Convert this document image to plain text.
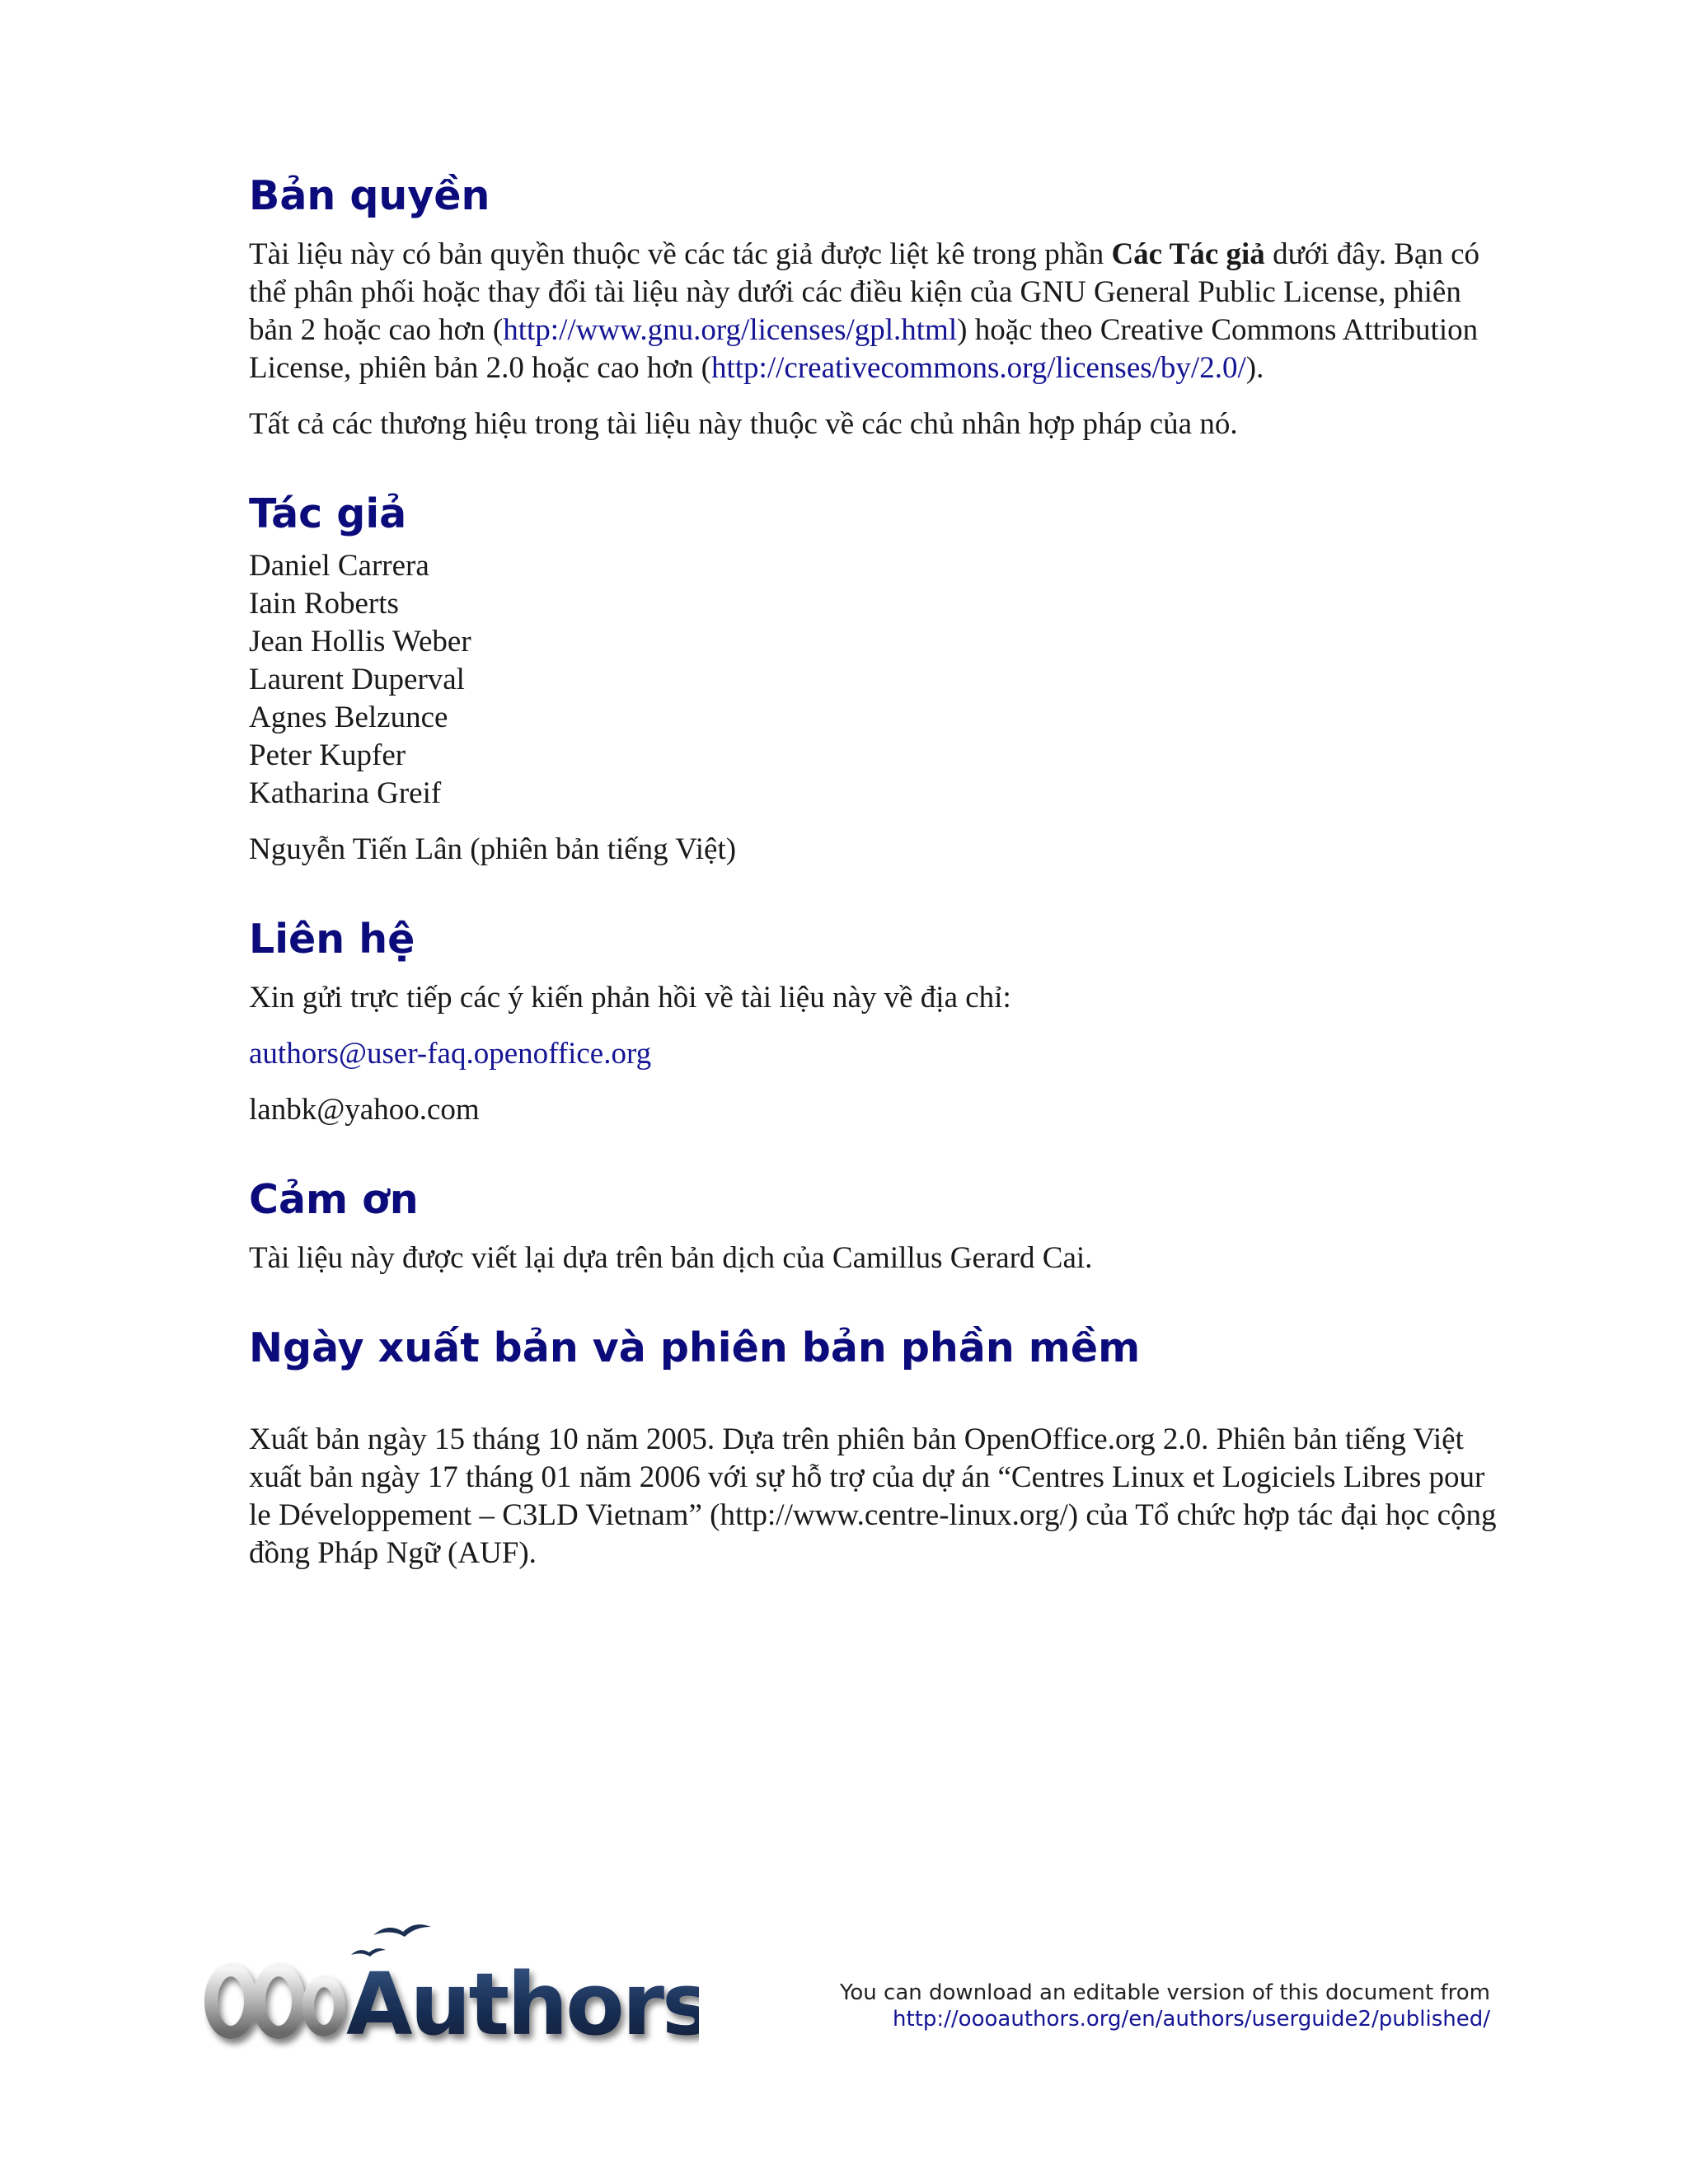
Bản quyền
Tài liệu này có bản quyền thuộc về các tác giả được liệt kê trong phần Các Tác giả dưới đây. Bạn có thể phân phối hoặc thay đổi tài liệu này dưới các điều kiện của GNU General Public License, phiên bản 2 hoặc cao hơn (http://www.gnu.org/licenses/gpl.html) hoặc theo Creative Commons Attribution License, phiên bản 2.0 hoặc cao hơn (http://creativecommons.org/licenses/by/2.0/).
Tất cả các thương hiệu trong tài liệu này thuộc về các chủ nhân hợp pháp của nó.
Tác giả
Daniel Carrera
Iain Roberts
Jean Hollis Weber
Laurent Duperval
Agnes Belzunce
Peter Kupfer
Katharina Greif
Nguyễn Tiến Lân (phiên bản tiếng Việt)
Liên hệ
Xin gửi trực tiếp các ý kiến phản hồi về tài liệu này về địa chỉ:
authors@user-faq.openoffice.org
lanbk@yahoo.com
Cảm ơn
Tài liệu này được viết lại dựa trên bản dịch của Camillus Gerard Cai.
Ngày xuất bản và phiên bản phần mềm
Xuất bản ngày 15 tháng 10 năm 2005. Dựa trên phiên bản OpenOffice.org 2.0. Phiên bản tiếng Việt xuất bản ngày 17 tháng 01 năm 2006 với sự hỗ trợ của dự án “Centres Linux et Logiciels Libres pour le Développement – C3LD Vietnam” (http://www.centre-linux.org/) của Tổ chức hợp tác đại học cộng đồng Pháp Ngữ (AUF).
Authors	You can download an editable version of this document from
http://oooauthors.org/en/authors/userguide2/published/
